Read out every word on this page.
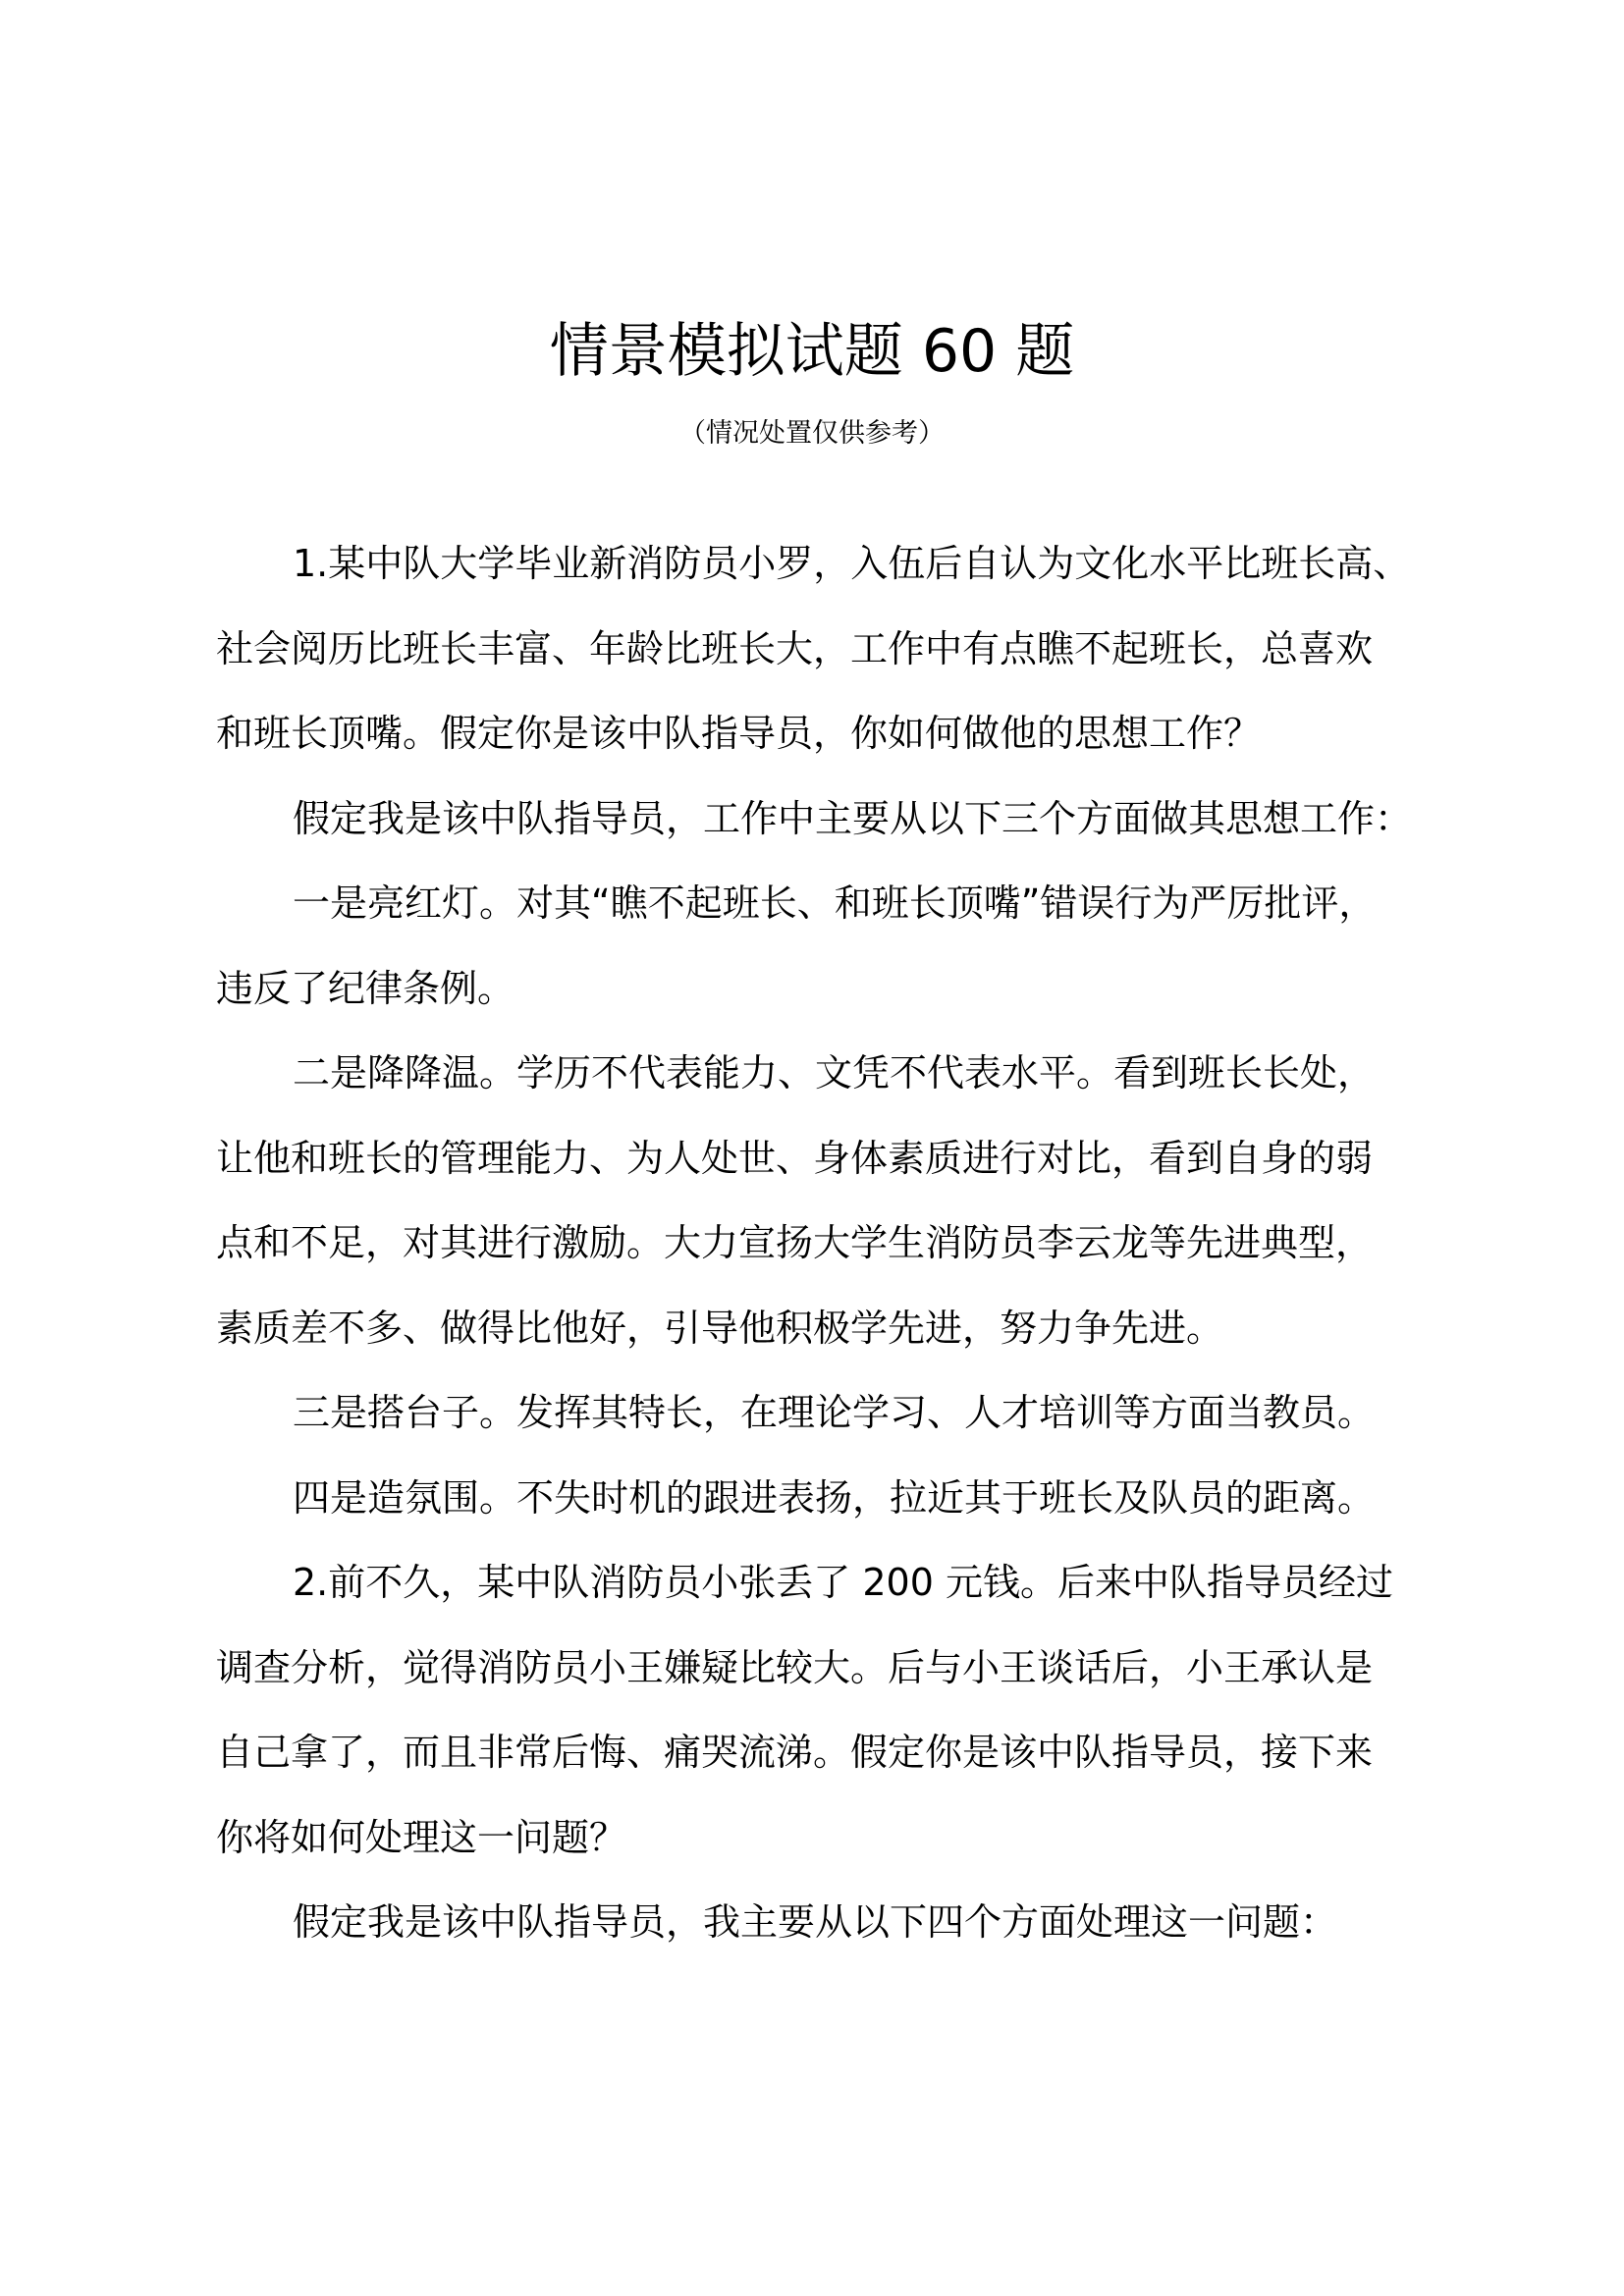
情景模拟试题 60 题
（情况处置仅供参考）
1.某中队大学毕业新消防员小罗，入伍后自认为文化水平比班长高、
社会阅历比班长丰富、年龄比班长大，工作中有点瞧不起班长，总喜欢
和班长顶嘴。假定你是该中队指导员，你如何做他的思想工作？
假定我是该中队指导员，工作中主要从以下三个方面做其思想工作：
一是亮红灯。对其“瞧不起班长、和班长顶嘴”错误行为严厉批评，
违反了纪律条例。
二是降降温。学历不代表能力、文凭不代表水平。看到班长长处，
让他和班长的管理能力、为人处世、身体素质进行对比，看到自身的弱
点和不足，对其进行激励。大力宣扬大学生消防员李云龙等先进典型，
素质差不多、做得比他好，引导他积极学先进，努力争先进。
三是搭台子。发挥其特长，在理论学习、人才培训等方面当教员。
四是造氛围。不失时机的跟进表扬，拉近其于班长及队员的距离。
2.前不久，某中队消防员小张丢了 200 元钱。后来中队指导员经过
调查分析，觉得消防员小王嫌疑比较大。后与小王谈话后，小王承认是
自己拿了，而且非常后悔、痛哭流涕。假定你是该中队指导员，接下来
你将如何处理这一问题？
假定我是该中队指导员，我主要从以下四个方面处理这一问题：
